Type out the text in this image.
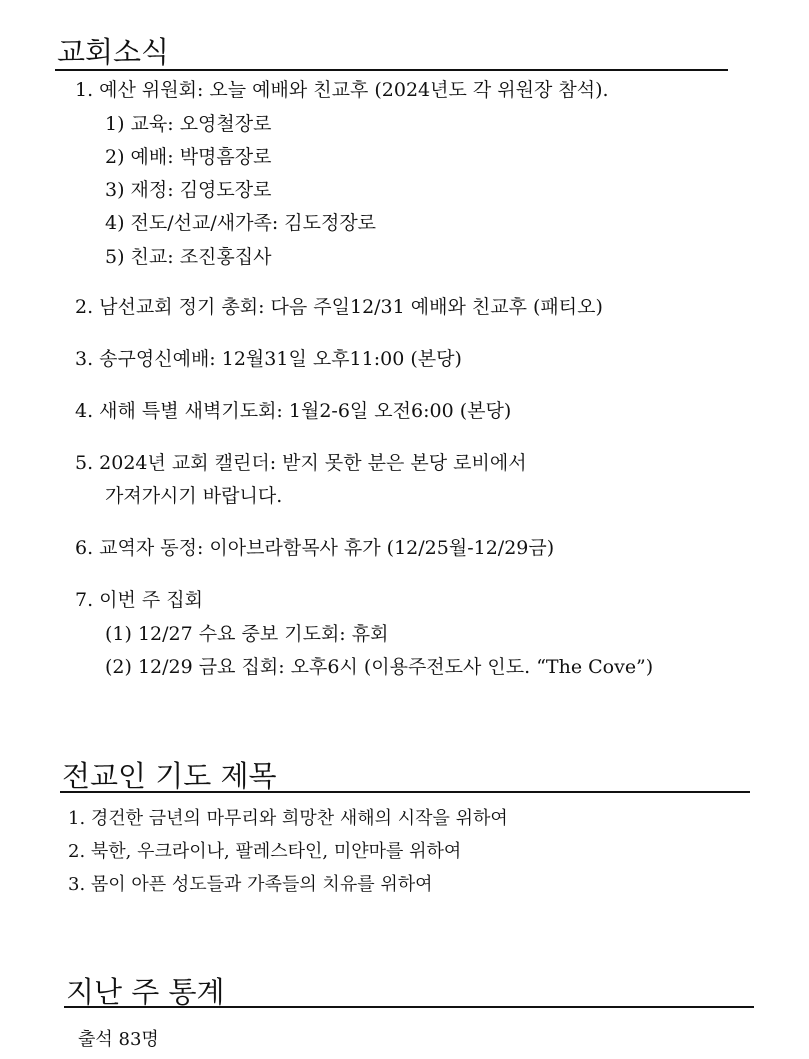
교회소식
1. 예산 위원회: 오늘 예배와 친교후 (2024년도 각 위원장 참석).
1) 교육: 오영철장로
2) 예배: 박명흠장로
3) 재정: 김영도장로
4) 전도/선교/새가족: 김도정장로
5) 친교: 조진홍집사
2. 남선교회 정기 총회: 다음 주일12/31 예배와 친교후 (패티오)
3. 송구영신예배: 12월31일 오후11:00 (본당)
4. 새해 특별 새벽기도회: 1월2-6일 오전6:00 (본당)
5. 2024년 교회 캘린더: 받지 못한 분은 본당 로비에서
가져가시기 바랍니다.
6. 교역자 동정: 이아브라함목사 휴가 (12/25월-12/29금)
7. 이번 주 집회
(1) 12/27 수요 중보 기도회: 휴회
(2) 12/29 금요 집회: 오후6시 (이용주전도사 인도. “The Cove”)
전교인 기도 제목
1. 경건한 금년의 마무리와 희망찬 새해의 시작을 위하여
2. 북한, 우크라이나, 팔레스타인, 미얀마를 위하여
3. 몸이 아픈 성도들과 가족들의 치유를 위하여
지난 주 통계
출석 83명
